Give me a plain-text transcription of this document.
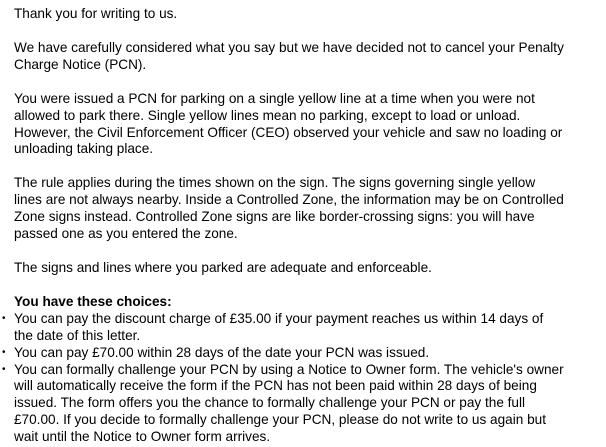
Thank you for writing to us.

We have carefully considered what you say but we have decided not to cancel your Penalty
Charge Notice (PCN).

You were issued a PCN for parking on a single yellow line at a time when you were not
allowed to park there. Single yellow lines mean no parking, except to load or unload.
However, the Civil Enforcement Officer (CEO) observed your vehicle and saw no loading or
unloading taking place.

The rule applies during the times shown on the sign. The signs governing single yellow
lines are not always nearby. Inside a Controlled Zone, the information may be on Controlled
Zone signs instead. Controlled Zone signs are like border-crossing signs: you will have
passed one as you entered the zone.

The signs and lines where you parked are adequate and enforceable.

You have these choices:
• You can pay the discount charge of £35.00 if your payment reaches us within 14 days of
the date of this letter.
• You can pay £70.00 within 28 days of the date your PCN was issued.
• You can formally challenge your PCN by using a Notice to Owner form. The vehicle's owner
will automatically receive the form if the PCN has not been paid within 28 days of being
issued. The form offers you the chance to formally challenge your PCN or pay the full
£70.00. If you decide to formally challenge your PCN, please do not write to us again but
wait until the Notice to Owner form arrives.
